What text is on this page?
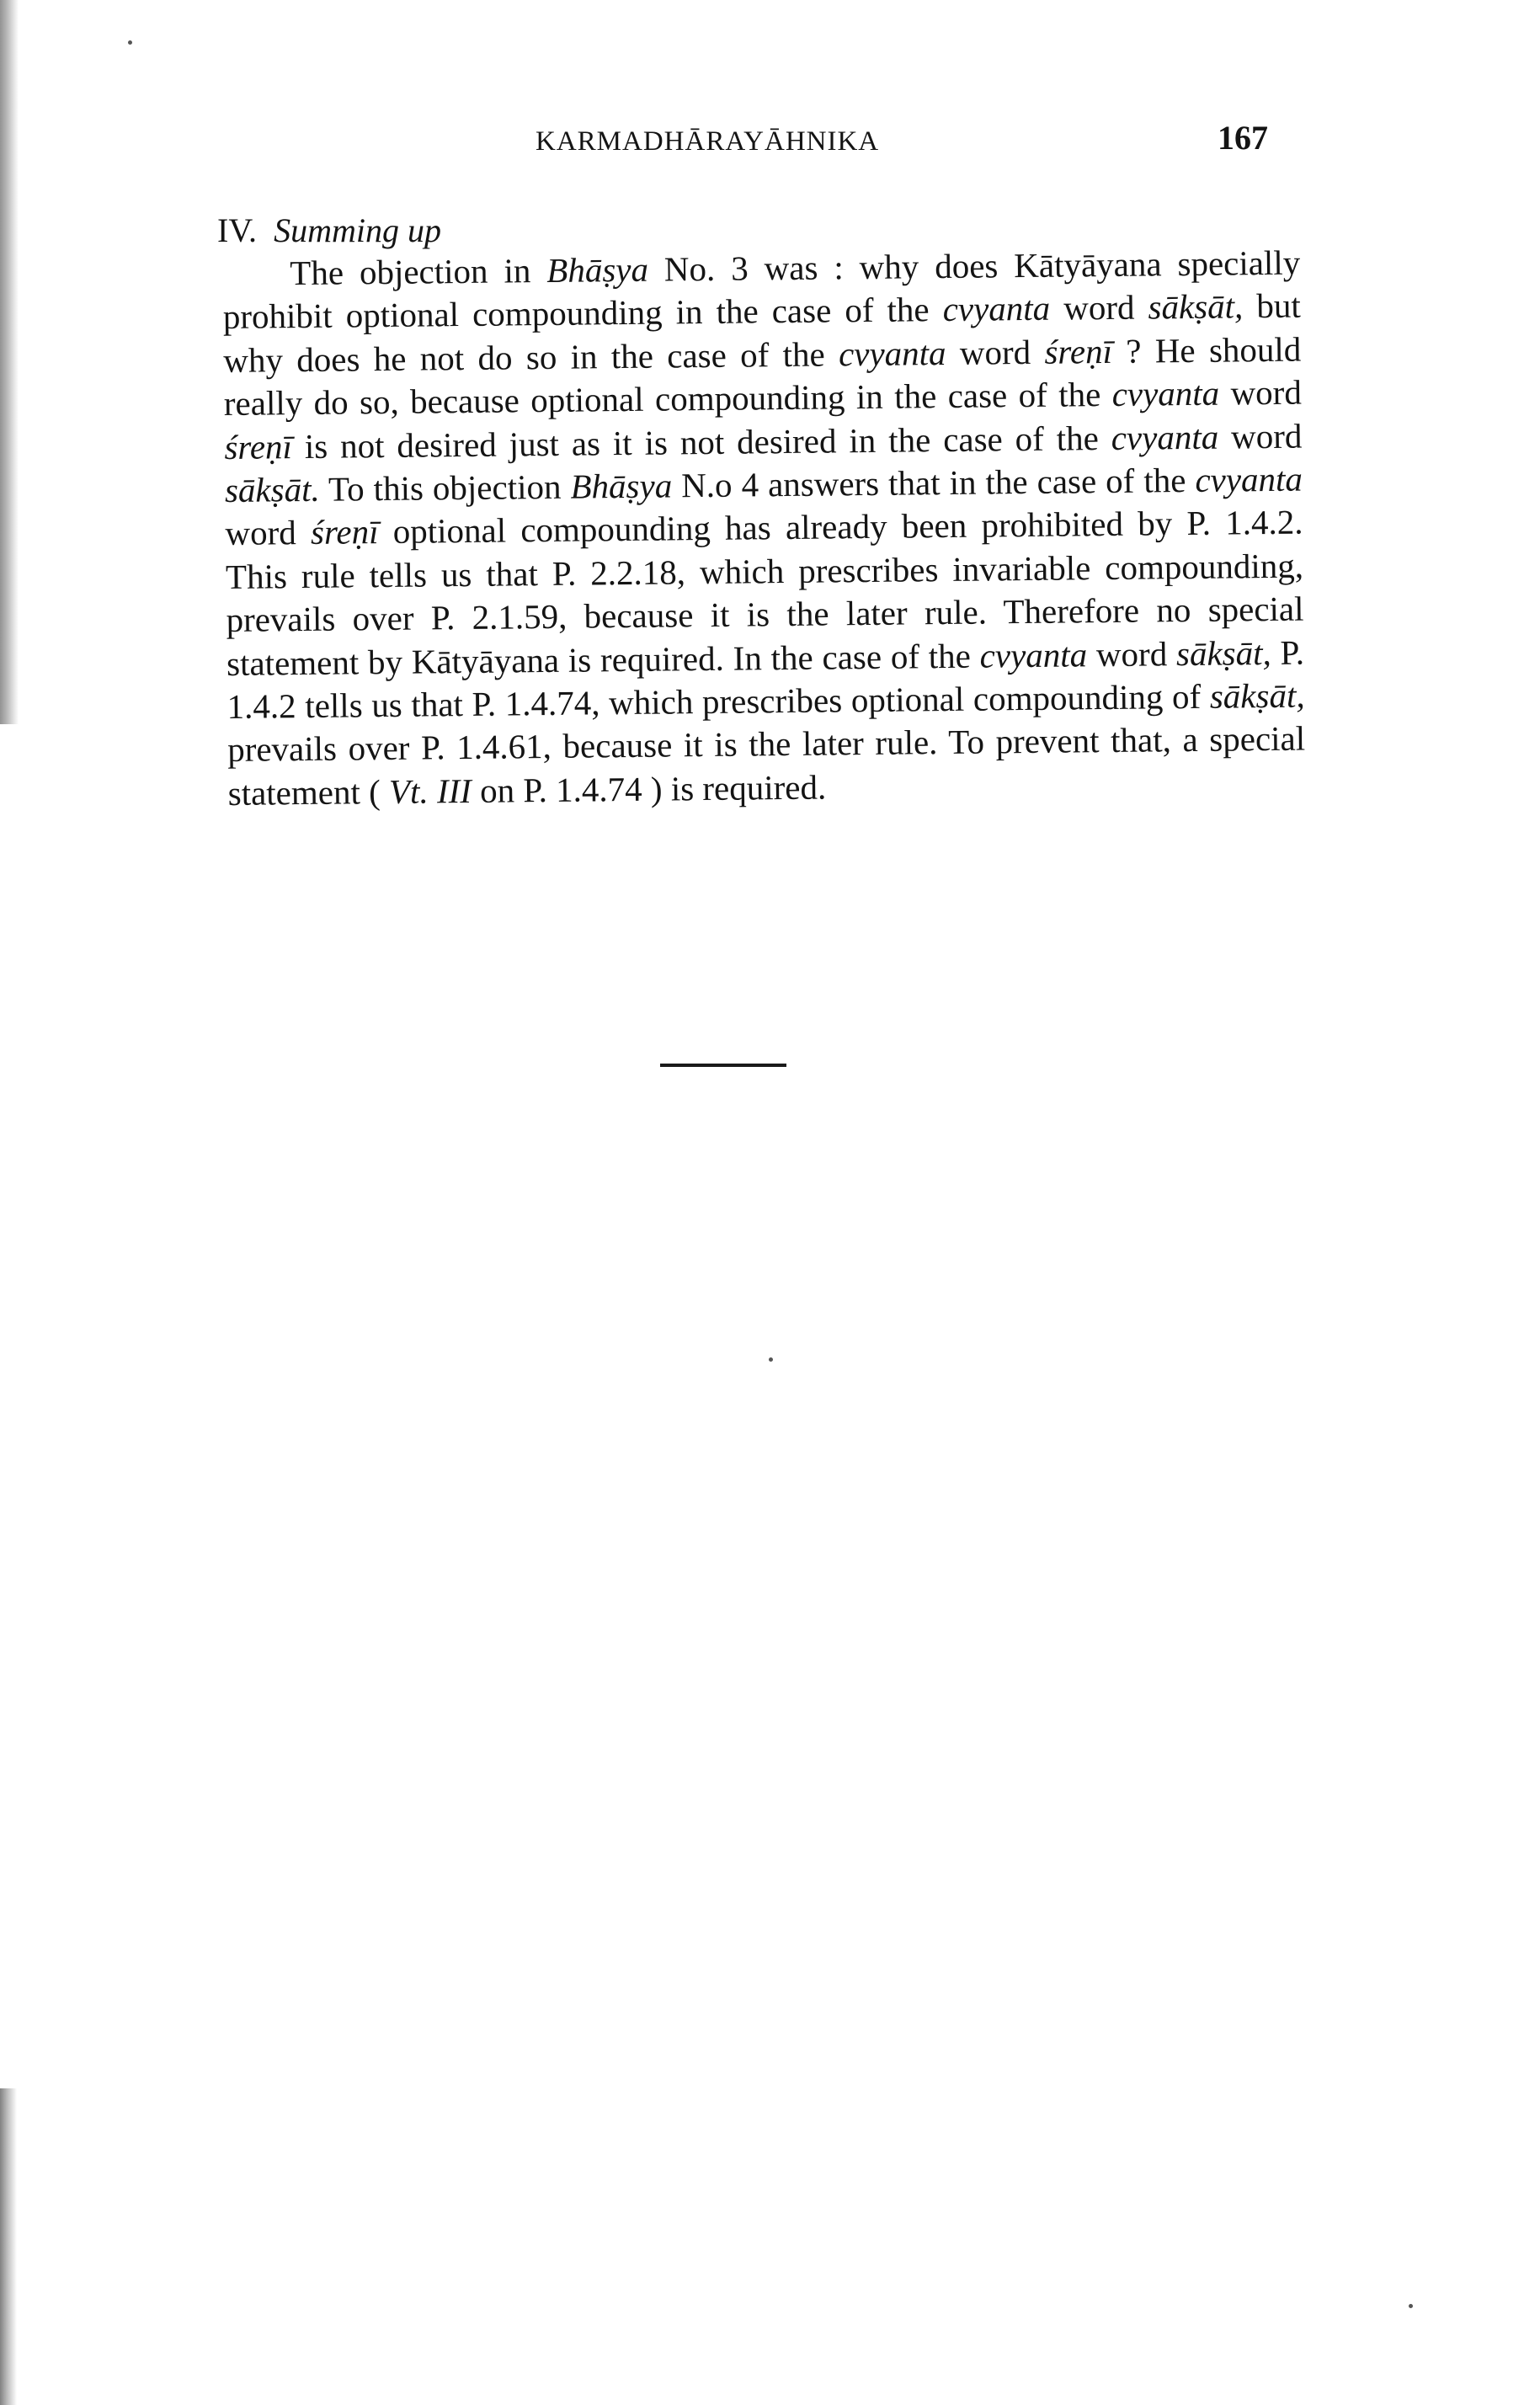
KARMADHĀRAYĀHNIKA	167
IV. Summing up

The objection in Bhāṣya No. 3 was : why does Kātyāyana specially prohibit optional compounding in the case of the cvyanta word sākṣāt, but why does he not do so in the case of the cvyanta word śreṇī ? He should really do so, because optional compounding in the case of the cvyanta word śreṇī is not desired just as it is not desired in the case of the cvyanta word sākṣāt. To this objection Bhāṣya N.o 4 answers that in the case of the cvyanta word śreṇī optional compounding has already been prohibited by P. 1.4.2. This rule tells us that P. 2.2.18, which prescribes invariable compounding, prevails over P. 2.1.59, because it is the later rule. Therefore no special statement by Kātyāyana is required. In the case of the cvyanta word sākṣāt, P. 1.4.2 tells us that P. 1.4.74, which prescribes optional compounding of sākṣāt, prevails over P. 1.4.61, because it is the later rule. To prevent that, a special statement ( Vt. III on P. 1.4.74 ) is required.
